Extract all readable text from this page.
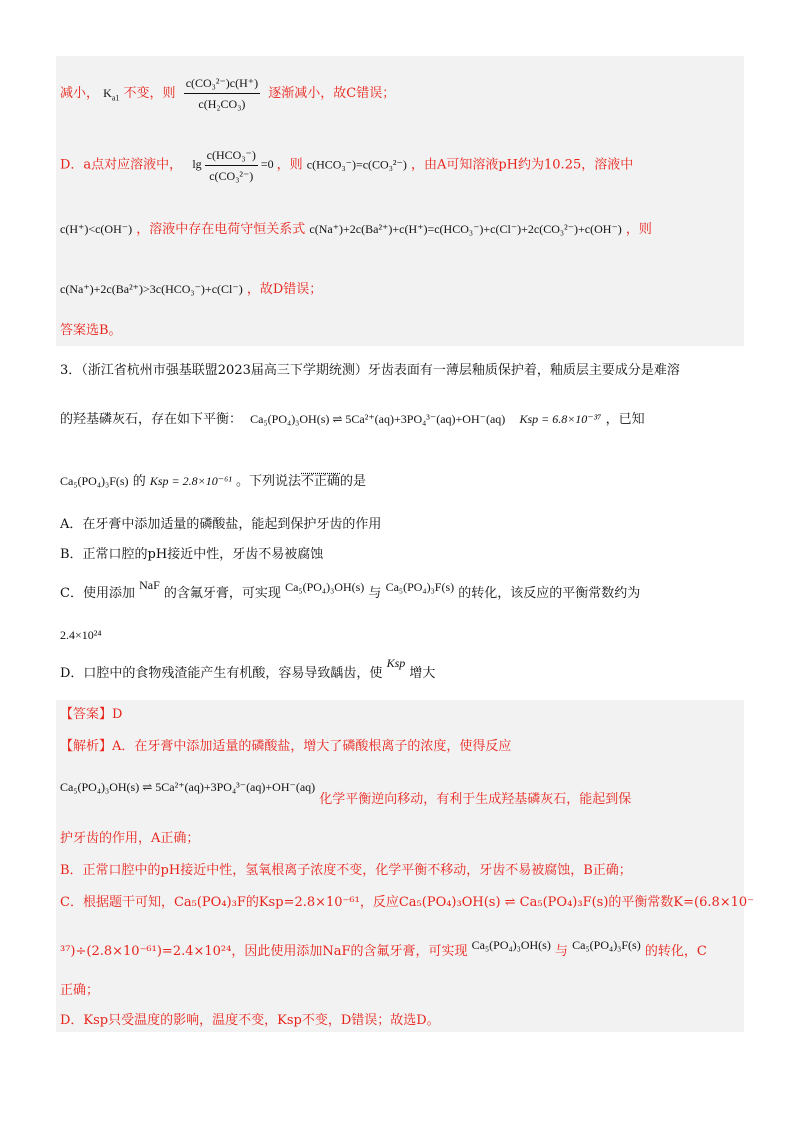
减小， $K_{a1}$ 不变，则 $\frac{\text{c(CO₃²⁻)c(H⁺)}}{\text{c(H₂CO₃)}}$ 逐渐减小，故C错误；
D．a点对应溶液中， $\lg \frac{\text{c(HCO₃⁻)}}{\text{c(CO₃²⁻)}} =0$ ，则 c(HCO₃⁻)=c(CO₃²⁻) ，由A可知溶液pH约为10.25，溶液中
c(H⁺)<c(OH⁻) ，溶液中存在电荷守恒关系式 c(Na⁺)+2c(Ba²⁺)+c(H⁺)=c(HCO₃⁻)+c(Cl⁻)+2c(CO₃²⁻)+c(OH⁻) ，则
c(Na⁺)+2c(Ba²⁺)>3c(HCO₃⁻)+c(Cl⁻) ，故D错误；
答案选B。
3．（浙江省杭州市强基联盟2023届高三下学期统测）牙齿表面有一薄层釉质保护着，釉质层主要成分是难溶
的羟基磷灰石，存在如下平衡： Ca₅(PO₄)₃OH(s) ⇌ 5Ca²⁺(aq)+3PO₄³⁻(aq)+OH⁻(aq) Ksp = 6.8×10⁻³⁷ ，已知
Ca₅(PO₄)₃F(s) 的 Ksp = 2.8×10⁻⁶¹ 。下列说法不正确的是
A．在牙膏中添加适量的磷酸盐，能起到保护牙齿的作用
B．正常口腔的pH接近中性，牙齿不易被腐蚀
C．使用添加 NaF 的含氟牙膏，可实现 Ca₅(PO₄)₃OH(s) 与 Ca₅(PO₄)₃F(s) 的转化，该反应的平衡常数约为
2.4×10²⁴
D．口腔中的食物残渣能产生有机酸，容易导致龋齿，使 Ksp 增大
【答案】D
【解析】A．在牙膏中添加适量的磷酸盐，增大了磷酸根离子的浓度，使得反应
Ca₅(PO₄)₃OH(s) ⇌ 5Ca²⁺(aq)+3PO₄³⁻(aq)+OH⁻(aq) 化学平衡逆向移动，有利于生成羟基磷灰石，能起到保
护牙齿的作用，A正确；
B．正常口腔中的pH接近中性，氢氧根离子浓度不变，化学平衡不移动，牙齿不易被腐蚀，B正确；
C．根据题干可知，Ca₅(PO₄)₃F的Ksp=2.8×10⁻⁶¹，反应Ca₅(PO₄)₃OH(s) ⇌ Ca₅(PO₄)₃F(s)的平衡常数K=(6.8×10⁻
³⁷)÷(2.8×10⁻⁶¹)=2.4×10²⁴，因此使用添加NaF的含氟牙膏，可实现 Ca₅(PO₄)₃OH(s) 与 Ca₅(PO₄)₃F(s) 的转化，C
正确；
D．Ksp只受温度的影响，温度不变，Ksp不变，D错误；故选D。
